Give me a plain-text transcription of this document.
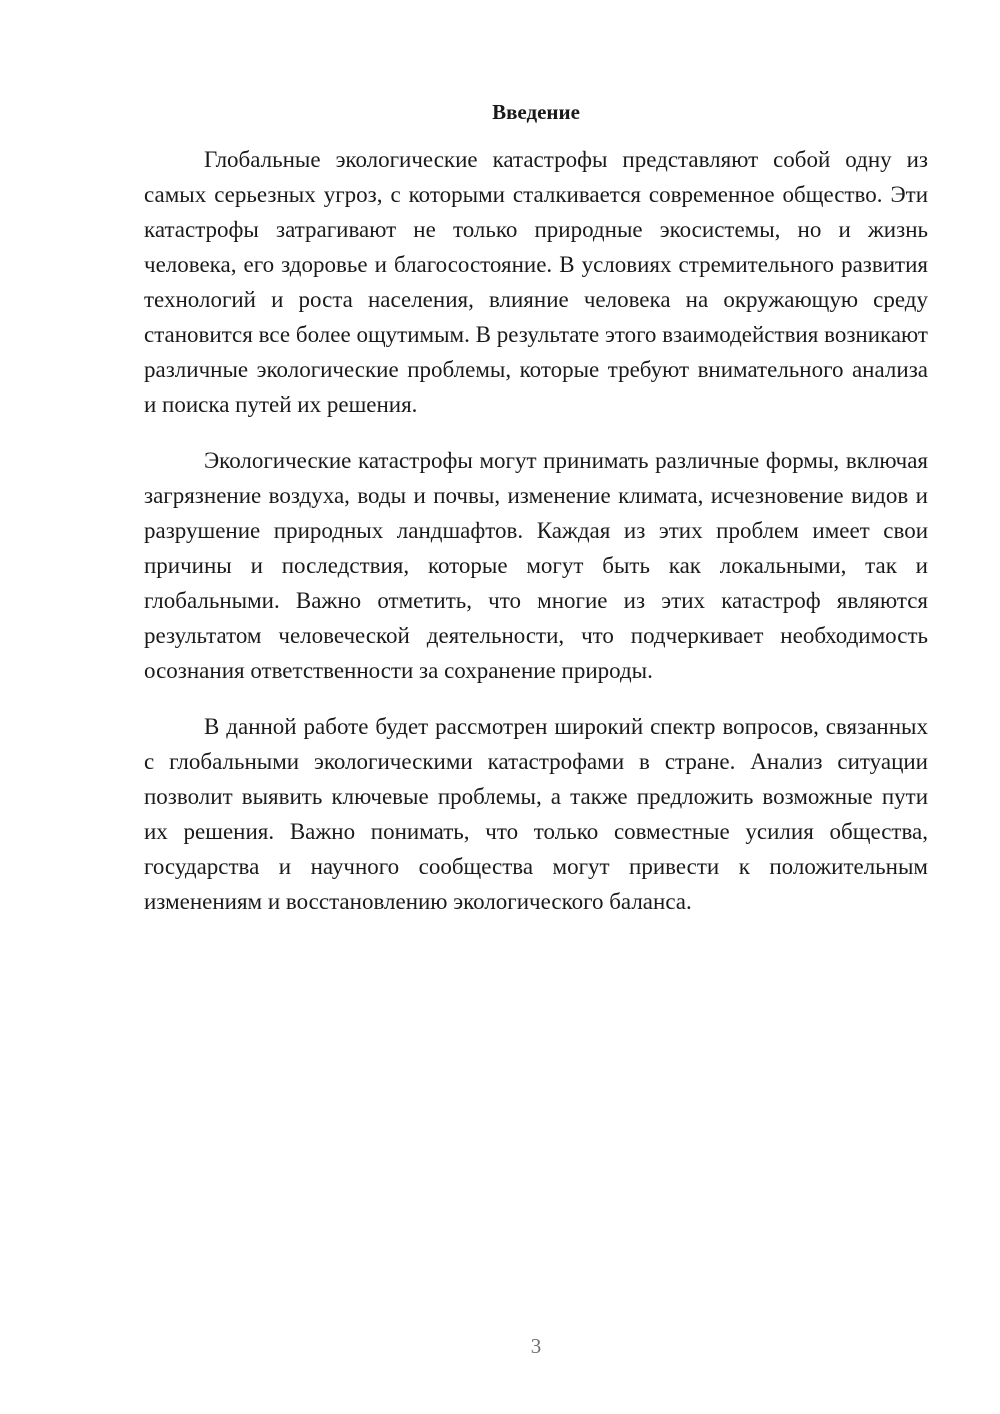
Введение

Глобальные экологические катастрофы представляют собой одну из самых серьезных угроз, с которыми сталкивается современное общество. Эти катастрофы затрагивают не только природные экосистемы, но и жизнь человека, его здоровье и благосостояние. В условиях стремительного развития технологий и роста населения, влияние человека на окружающую среду становится все более ощутимым. В результате этого взаимодействия возникают различные экологические проблемы, которые требуют внимательного анализа и поиска путей их решения.

Экологические катастрофы могут принимать различные формы, включая загрязнение воздуха, воды и почвы, изменение климата, исчезновение видов и разрушение природных ландшафтов. Каждая из этих проблем имеет свои причины и последствия, которые могут быть как локальными, так и глобальными. Важно отметить, что многие из этих катастроф являются результатом человеческой деятельности, что подчеркивает необходимость осознания ответственности за сохранение природы.

В данной работе будет рассмотрен широкий спектр вопросов, связанных с глобальными экологическими катастрофами в стране. Анализ ситуации позволит выявить ключевые проблемы, а также предложить возможные пути их решения. Важно понимать, что только совместные усилия общества, государства и научного сообщества могут привести к положительным изменениям и восстановлению экологического баланса.

3
